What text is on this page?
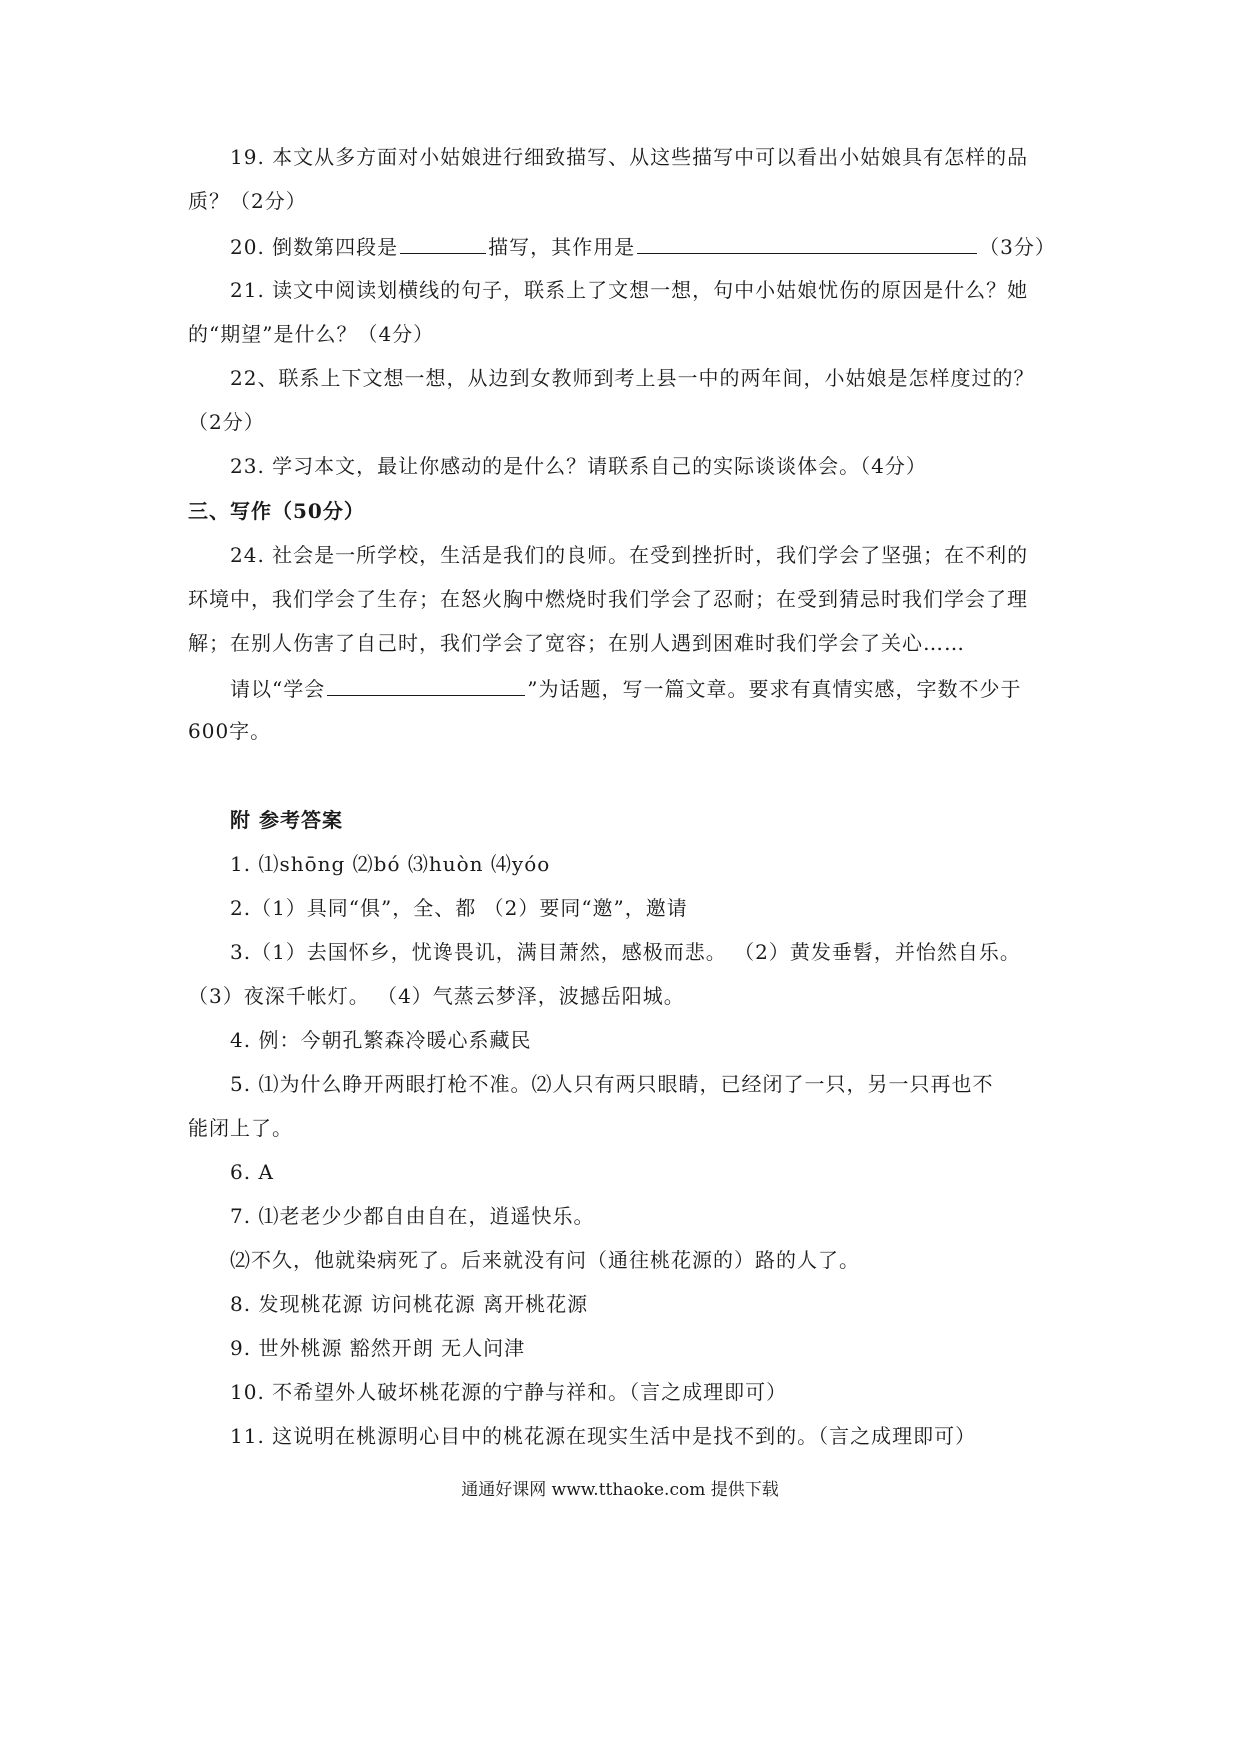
19. 本文从多方面对小姑娘进行细致描写、从这些描写中可以看出小姑娘具有怎样的品
质？（2分）
20. 倒数第四段是	描写，其作用是	（3分）
21. 读文中阅读划横线的句子，联系上了文想一想，句中小姑娘忧伤的原因是什么？她
的“期望”是什么？（4分）
22、联系上下文想一想，从边到女教师到考上县一中的两年间，小姑娘是怎样度过的？
（2分）
23. 学习本文，最让你感动的是什么？请联系自己的实际谈谈体会。（4分）
三、写作（50分）
24. 社会是一所学校，生活是我们的良师。在受到挫折时，我们学会了坚强；在不利的
环境中，我们学会了生存；在怒火胸中燃烧时我们学会了忍耐；在受到猜忌时我们学会了理
解；在别人伤害了自己时，我们学会了宽容；在别人遇到困难时我们学会了关心……
请以“学会	”为话题，写一篇文章。要求有真情实感，字数不少于
600字。
附 参考答案
1. ⑴shōng ⑵bó ⑶huòn ⑷yóo
2.（1）具同“俱”，全、都 （2）要同“邀”，邀请
3.（1）去国怀乡，忧谗畏讥，满目萧然，感极而悲。 （2）黄发垂髫，并怡然自乐。
（3）夜深千帐灯。 （4）气蒸云梦泽，波撼岳阳城。
4. 例：今朝孔繁森冷暖心系藏民
5. ⑴为什么睁开两眼打枪不准。⑵人只有两只眼睛，已经闭了一只，另一只再也不
能闭上了。
6. A
7. ⑴老老少少都自由自在，逍遥快乐。
⑵不久，他就染病死了。后来就没有问（通往桃花源的）路的人了。
8. 发现桃花源 访问桃花源 离开桃花源
9. 世外桃源 豁然开朗 无人问津
10. 不希望外人破坏桃花源的宁静与祥和。（言之成理即可）
11. 这说明在桃源明心目中的桃花源在现实生活中是找不到的。（言之成理即可）
通通好课网 www.tthaoke.com 提供下载
